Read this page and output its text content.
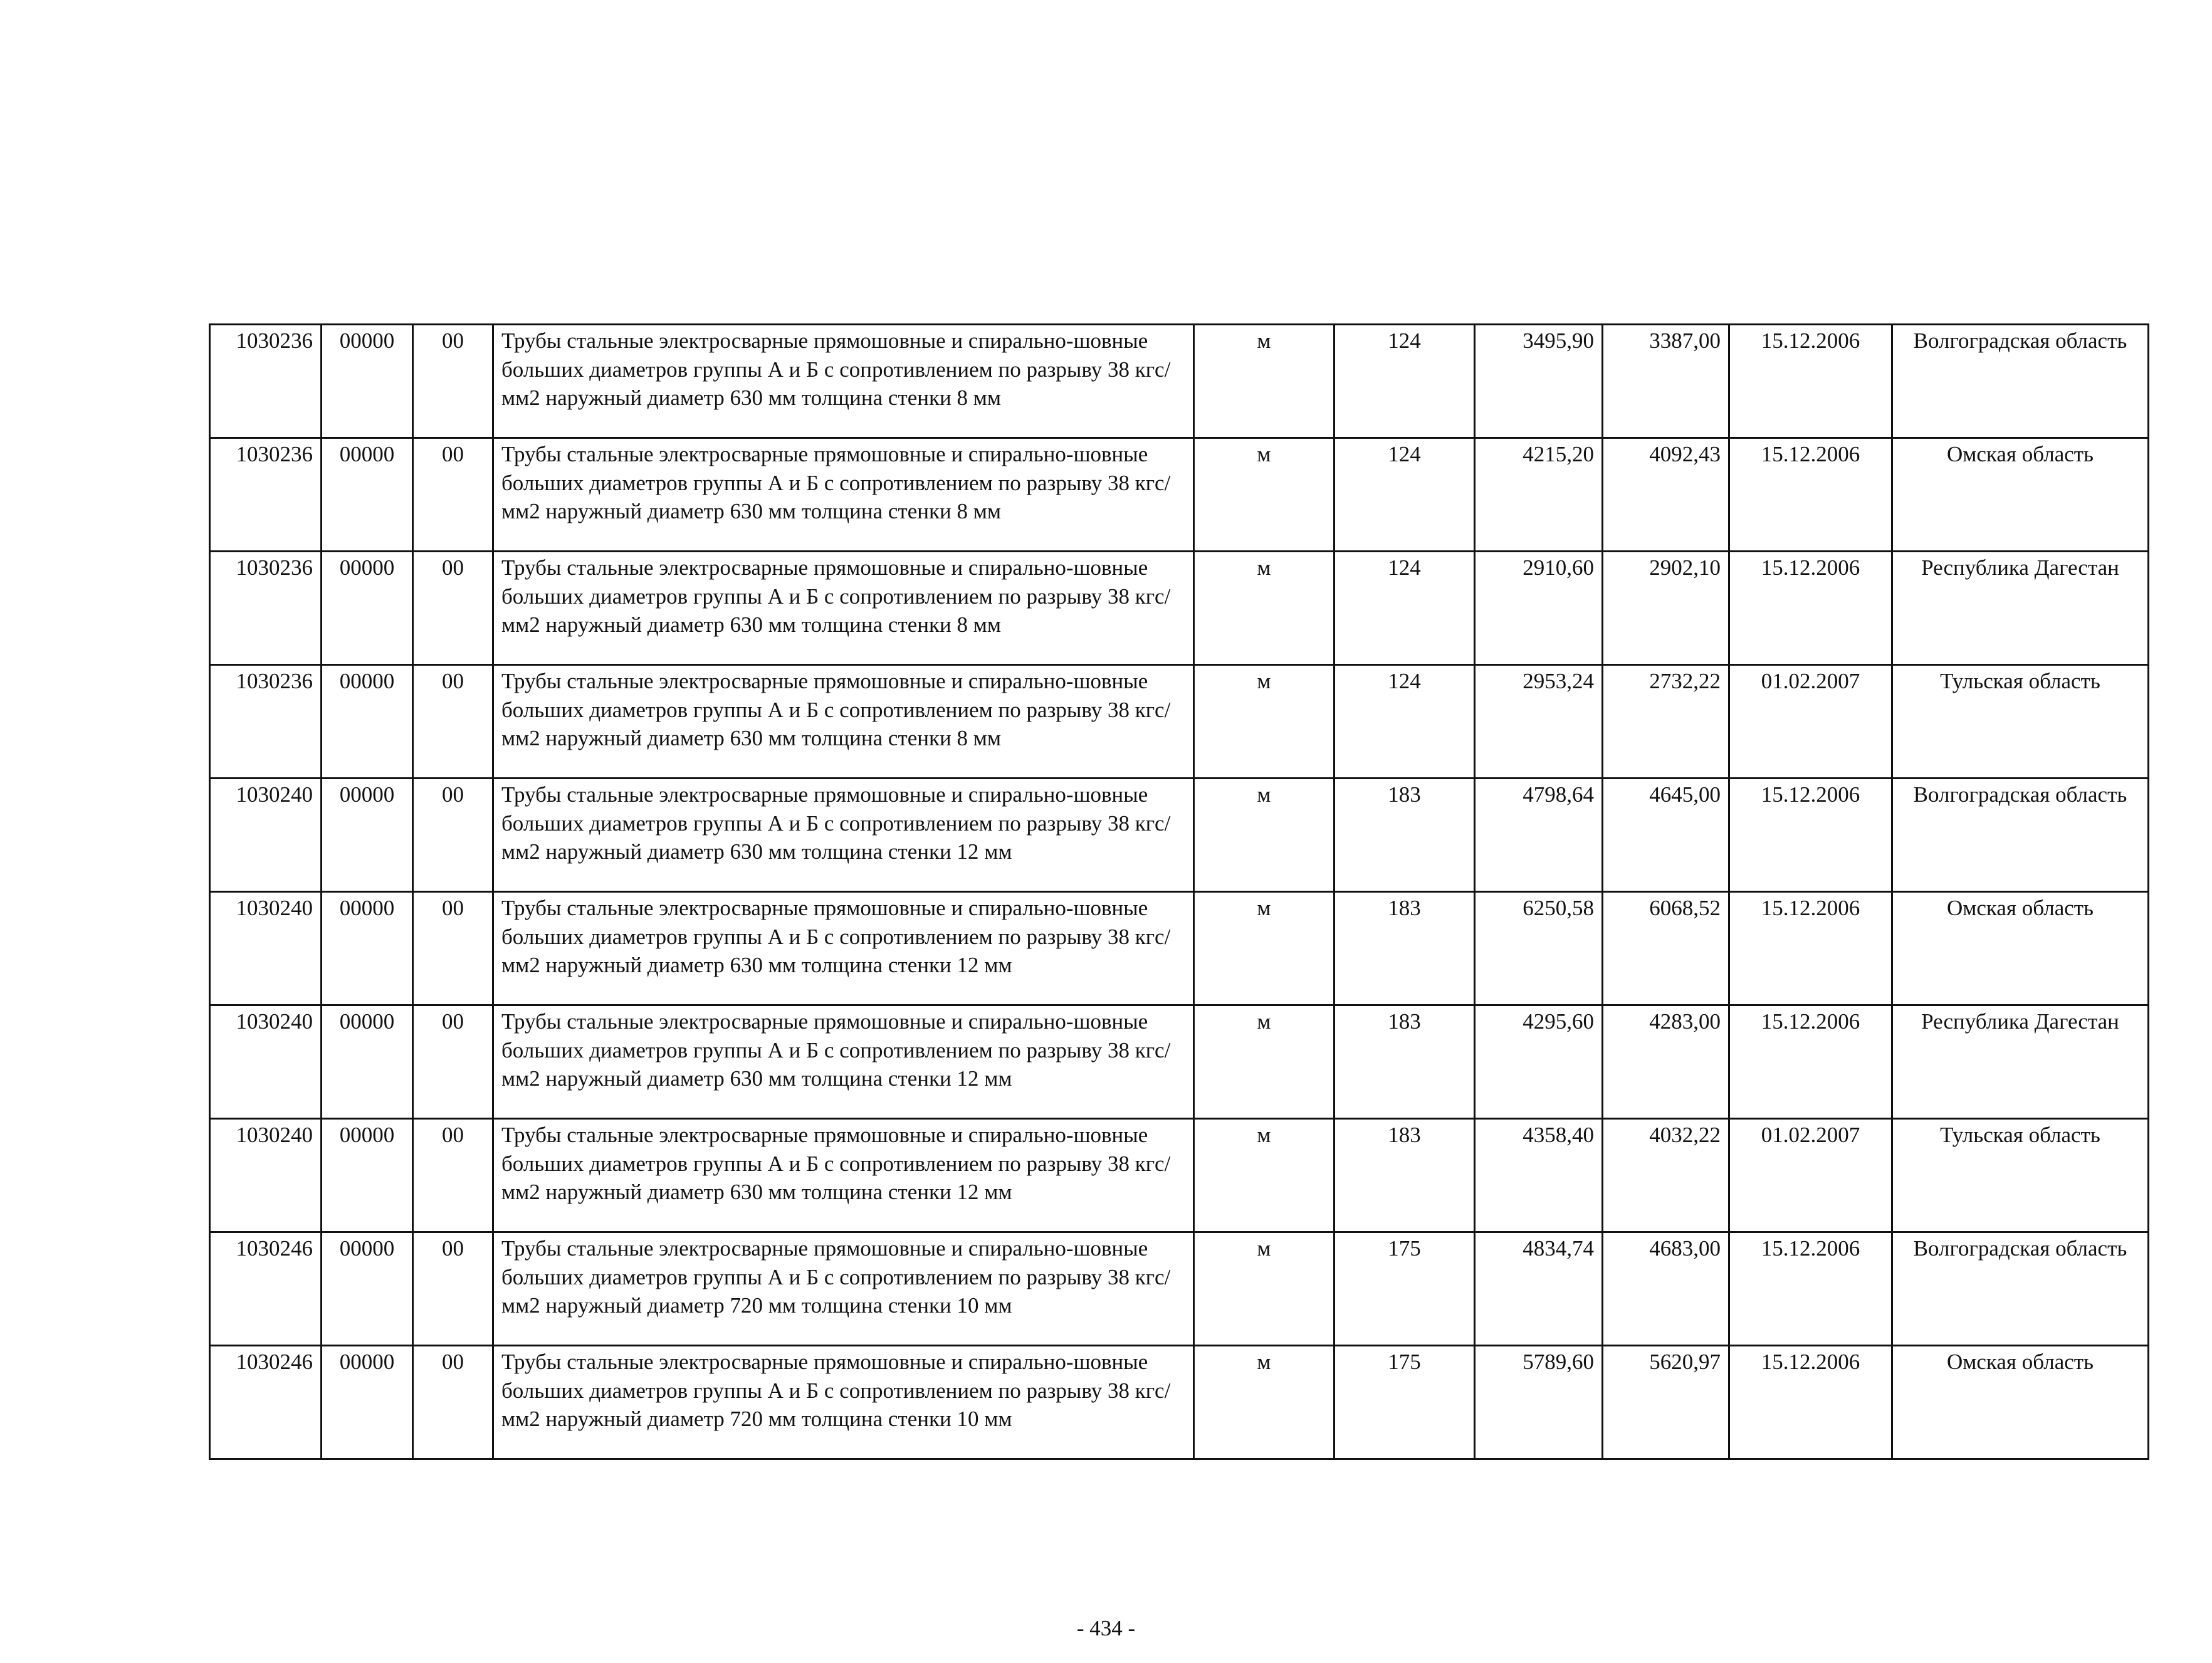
1030236	00000	00	Трубы стальные электросварные прямошовные и спирально-шовные больших диаметров группы А и Б с сопротивлением по разрыву 38 кгс/мм2 наружный диаметр 630 мм толщина стенки 8 мм	м	124	3495,90	3387,00	15.12.2006	Волгоградская область
1030236	00000	00	Трубы стальные электросварные прямошовные и спирально-шовные больших диаметров группы А и Б с сопротивлением по разрыву 38 кгс/мм2 наружный диаметр 630 мм толщина стенки 8 мм	м	124	4215,20	4092,43	15.12.2006	Омская область
1030236	00000	00	Трубы стальные электросварные прямошовные и спирально-шовные больших диаметров группы А и Б с сопротивлением по разрыву 38 кгс/мм2 наружный диаметр 630 мм толщина стенки 8 мм	м	124	2910,60	2902,10	15.12.2006	Республика Дагестан
1030236	00000	00	Трубы стальные электросварные прямошовные и спирально-шовные больших диаметров группы А и Б с сопротивлением по разрыву 38 кгс/мм2 наружный диаметр 630 мм толщина стенки 8 мм	м	124	2953,24	2732,22	01.02.2007	Тульская область
1030240	00000	00	Трубы стальные электросварные прямошовные и спирально-шовные больших диаметров группы А и Б с сопротивлением по разрыву 38 кгс/мм2 наружный диаметр 630 мм толщина стенки 12 мм	м	183	4798,64	4645,00	15.12.2006	Волгоградская область
1030240	00000	00	Трубы стальные электросварные прямошовные и спирально-шовные больших диаметров группы А и Б с сопротивлением по разрыву 38 кгс/мм2 наружный диаметр 630 мм толщина стенки 12 мм	м	183	6250,58	6068,52	15.12.2006	Омская область
1030240	00000	00	Трубы стальные электросварные прямошовные и спирально-шовные больших диаметров группы А и Б с сопротивлением по разрыву 38 кгс/мм2 наружный диаметр 630 мм толщина стенки 12 мм	м	183	4295,60	4283,00	15.12.2006	Республика Дагестан
1030240	00000	00	Трубы стальные электросварные прямошовные и спирально-шовные больших диаметров группы А и Б с сопротивлением по разрыву 38 кгс/мм2 наружный диаметр 630 мм толщина стенки 12 мм	м	183	4358,40	4032,22	01.02.2007	Тульская область
1030246	00000	00	Трубы стальные электросварные прямошовные и спирально-шовные больших диаметров группы А и Б с сопротивлением по разрыву 38 кгс/мм2 наружный диаметр 720 мм толщина стенки 10 мм	м	175	4834,74	4683,00	15.12.2006	Волгоградская область
1030246	00000	00	Трубы стальные электросварные прямошовные и спирально-шовные больших диаметров группы А и Б с сопротивлением по разрыву 38 кгс/мм2 наружный диаметр 720 мм толщина стенки 10 мм	м	175	5789,60	5620,97	15.12.2006	Омская область
- 434 -
